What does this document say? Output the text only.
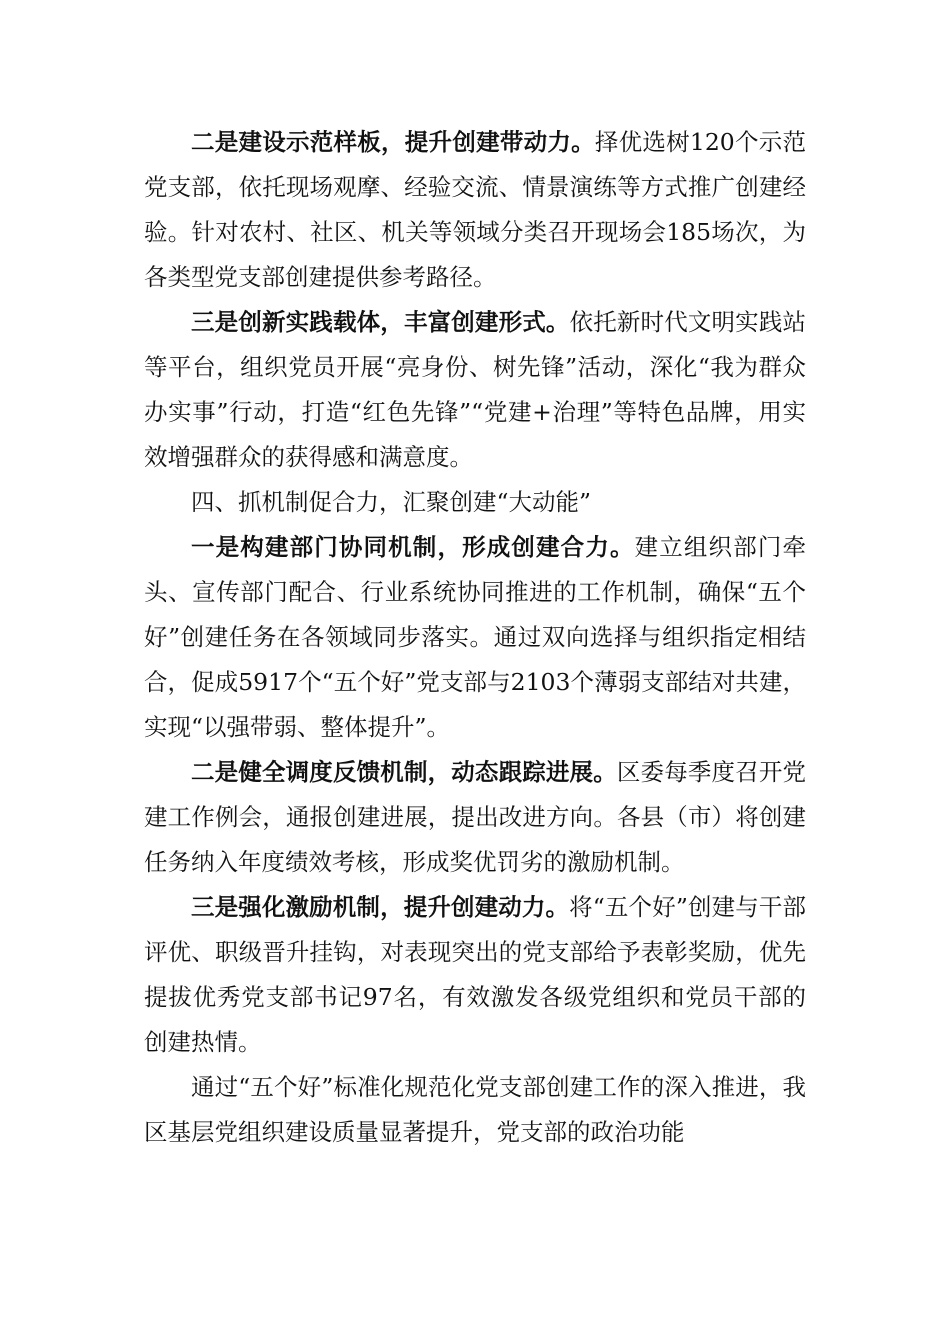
二是建设示范样板，提升创建带动力。择优选树120个示范党支部，依托现场观摩、经验交流、情景演练等方式推广创建经验。针对农村、社区、机关等领域分类召开现场会185场次，为各类型党支部创建提供参考路径。

三是创新实践载体，丰富创建形式。依托新时代文明实践站等平台，组织党员开展“亮身份、树先锋”活动，深化“我为群众办实事”行动，打造“红色先锋”“党建+治理”等特色品牌，用实效增强群众的获得感和满意度。

四、抓机制促合力，汇聚创建“大动能”

一是构建部门协同机制，形成创建合力。建立组织部门牵头、宣传部门配合、行业系统协同推进的工作机制，确保“五个好”创建任务在各领域同步落实。通过双向选择与组织指定相结合，促成5917个“五个好”党支部与2103个薄弱支部结对共建，实现“以强带弱、整体提升”。

二是健全调度反馈机制，动态跟踪进展。区委每季度召开党建工作例会，通报创建进展，提出改进方向。各县（市）将创建任务纳入年度绩效考核，形成奖优罚劣的激励机制。

三是强化激励机制，提升创建动力。将“五个好”创建与干部评优、职级晋升挂钩，对表现突出的党支部给予表彰奖励，优先提拔优秀党支部书记97名，有效激发各级党组织和党员干部的创建热情。

通过“五个好”标准化规范化党支部创建工作的深入推进，我区基层党组织建设质量显著提升，党支部的政治功能
